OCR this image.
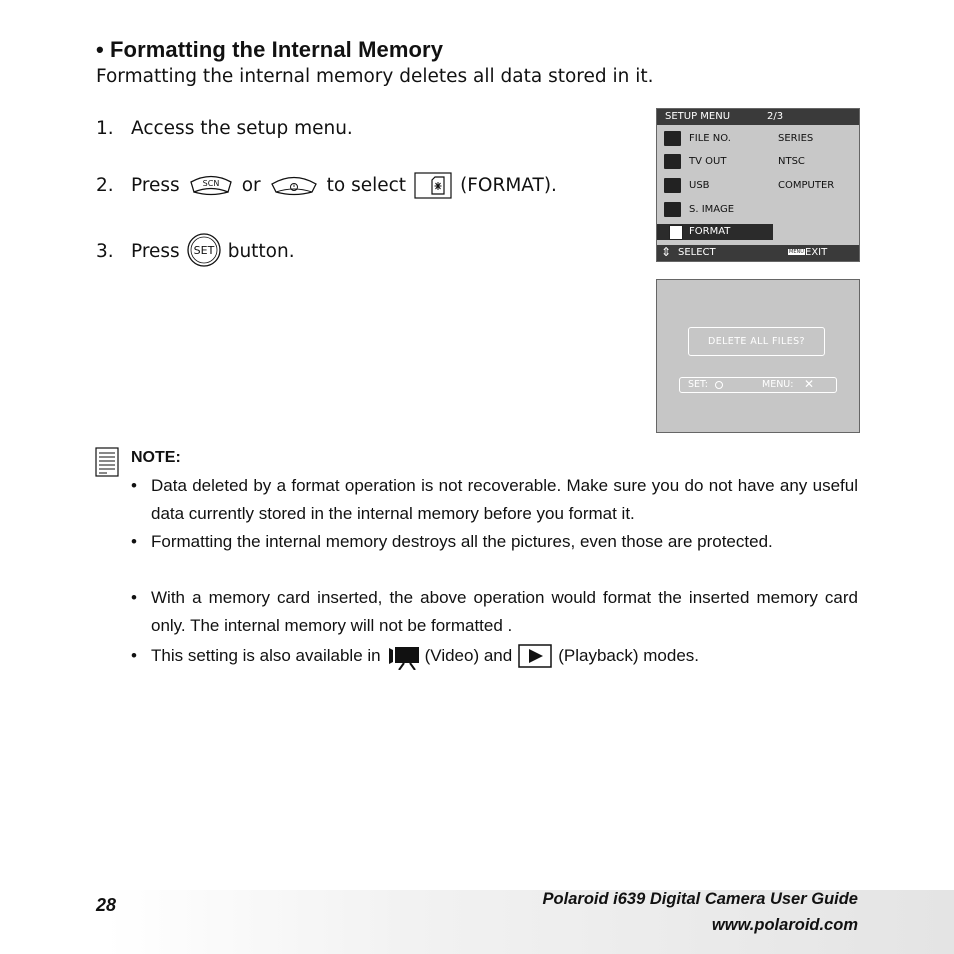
• Formatting the Internal Memory
Formatting the internal memory deletes all data stored in it.
1. Access the setup menu.
2. Press	SCN or	to select	(FORMAT).
3. Press SET button.
SETUP MENU	2/3
FILE NO.	SERIES
TV OUT	NTSC
USB	COMPUTER
S. IMAGE
FORMAT
⇕ SELECT	MENU EXIT
DELETE ALL FILES?
SET:	MENU: ✕
NOTE:
• Data deleted by a format operation is not recoverable. Make sure you do not have any useful data currently stored in the internal memory before you format it.
• Formatting the internal memory destroys all the pictures, even those are protected.
• With a memory card inserted, the above operation would format the inserted memory card only. The internal memory will not be formatted .
• This setting is also available in	(Video) and	(Playback) modes.
28	Polaroid i639 Digital Camera User Guide
www.polaroid.com
